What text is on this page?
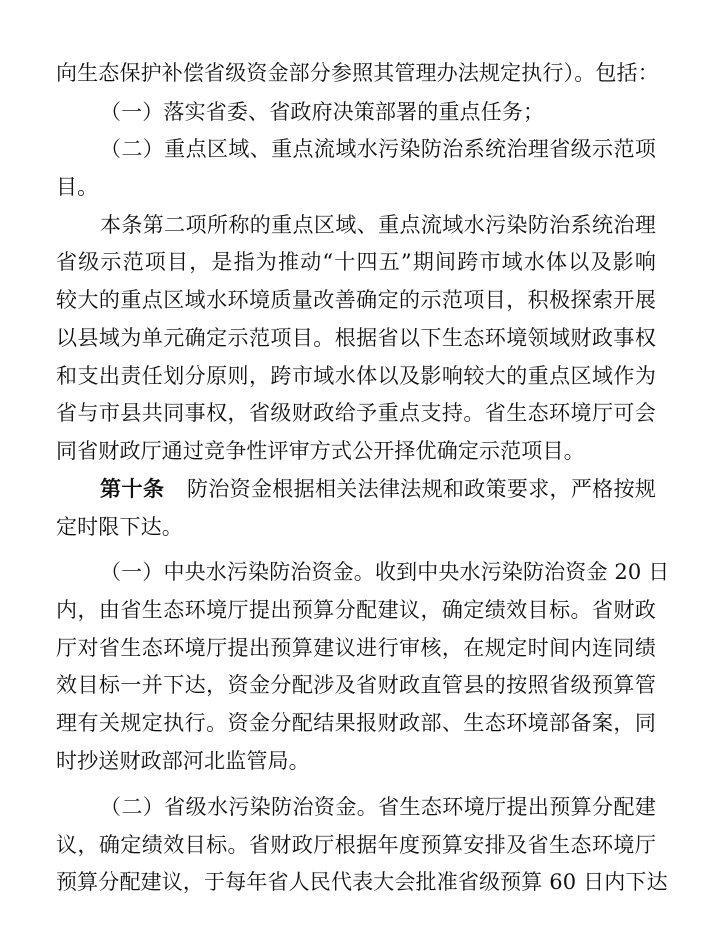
向生态保护补偿省级资金部分参照其管理办法规定执行）。包括：
（一）落实省委、省政府决策部署的重点任务；
（二）重点区域、重点流域水污染防治系统治理省级示范项
目。
本条第二项所称的重点区域、重点流域水污染防治系统治理
省级示范项目，是指为推动“十四五”期间跨市域水体以及影响
较大的重点区域水环境质量改善确定的示范项目，积极探索开展
以县域为单元确定示范项目。根据省以下生态环境领域财政事权
和支出责任划分原则，跨市域水体以及影响较大的重点区域作为
省与市县共同事权，省级财政给予重点支持。省生态环境厅可会
同省财政厅通过竞争性评审方式公开择优确定示范项目。
第十条	防治资金根据相关法律法规和政策要求，严格按规
定时限下达。
（一）中央水污染防治资金。收到中央水污染防治资金 20 日
内，由省生态环境厅提出预算分配建议，确定绩效目标。省财政
厅对省生态环境厅提出预算建议进行审核，在规定时间内连同绩
效目标一并下达，资金分配涉及省财政直管县的按照省级预算管
理有关规定执行。资金分配结果报财政部、生态环境部备案，同
时抄送财政部河北监管局。
（二）省级水污染防治资金。省生态环境厅提出预算分配建
议，确定绩效目标。省财政厅根据年度预算安排及省生态环境厅
预算分配建议，于每年省人民代表大会批准省级预算 60 日内下达
